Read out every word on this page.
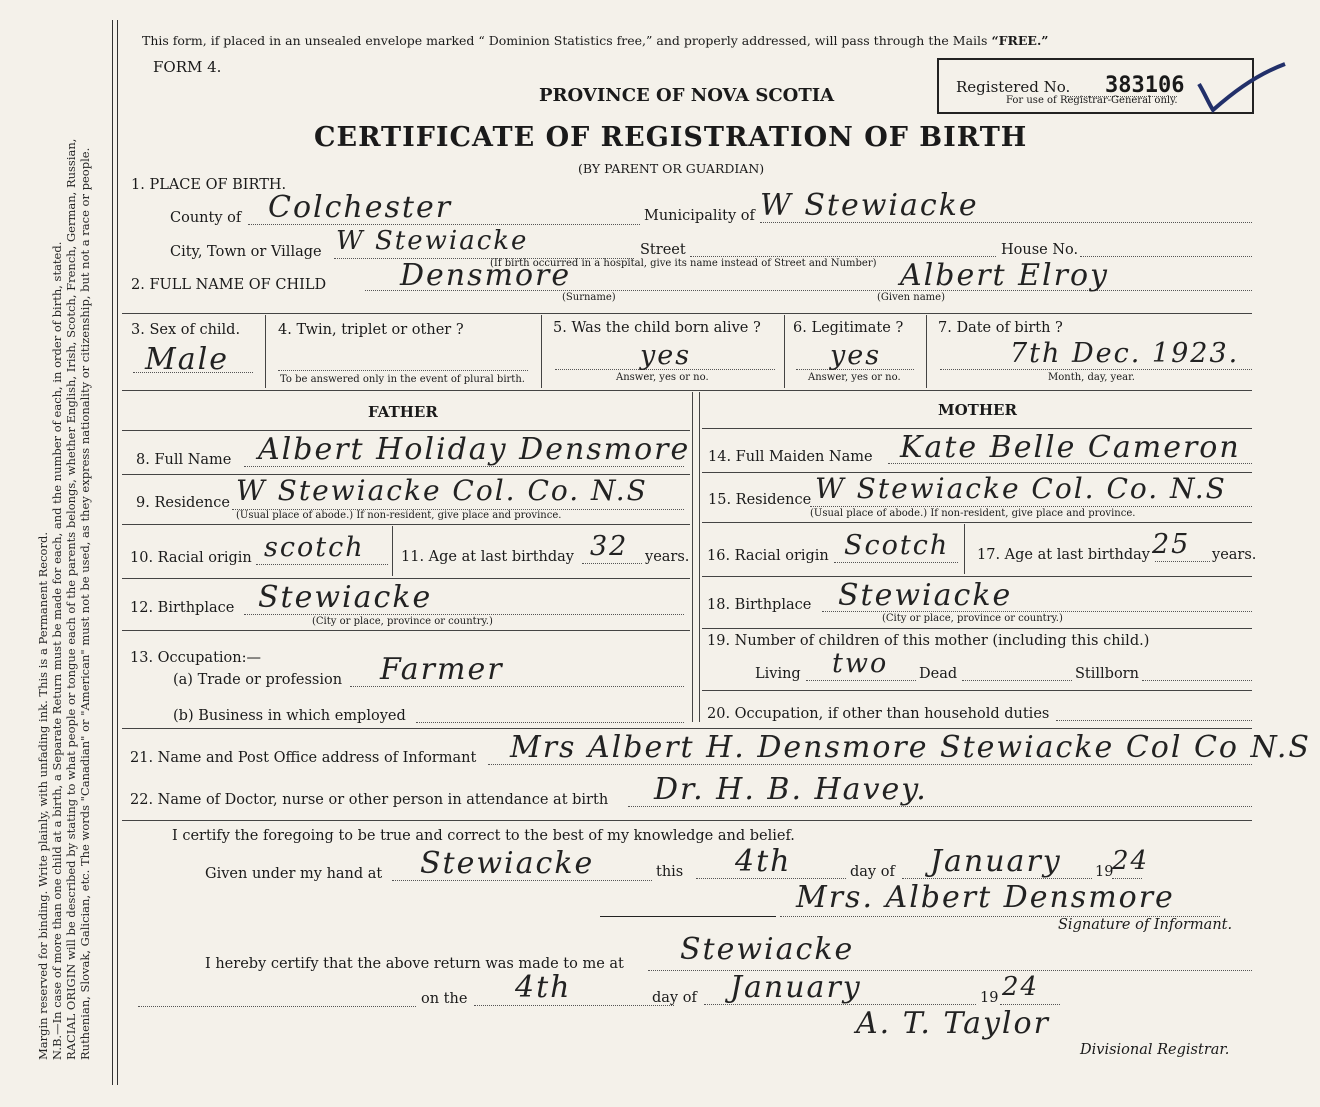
Margin reserved for binding. Write plainly, with unfading ink. This is a Permanent Record. N.B.—In case of more than one child at a birth, a Separate Return must be made for each, and the number of each, in order of birth, stated. RACIAL ORIGIN will be described by stating to what people or tongue each of the parents belongs, whether English, Irish, Scotch, French, German, Russian, Ruthenian, Slovak, Galician, etc. The words "Canadian" or "American" must not be used, as they express nationality or citizenship, but not a race or people.

This form, if placed in an unsealed envelope marked “ Dominion Statistics free,” and properly addressed, will pass through the Mails “FREE.”
FORM 4.
PROVINCE OF NOVA SCOTIA	Registered No. 383106
For use of Registrar-General only.
CERTIFICATE OF REGISTRATION OF BIRTH
(BY PARENT OR GUARDIAN)
1. PLACE OF BIRTH.
County of Colchester	Municipality of W Stewiacke
City, Town or Village W Stewiacke	Street	House No.
(If birth occurred in a hospital, give its name instead of Street and Number)
2. FULL NAME OF CHILD Densmore	Albert Elroy
(Surname)	(Given name)
3. Sex of child.
Male
4. Twin, triplet or other ?
To be answered only in the event of plural birth.
5. Was the child born alive ?
yes
Answer, yes or no.
6. Legitimate ?
yes
Answer, yes or no.
7. Date of birth ?
7th Dec. 1923.
Month, day, year.
FATHER	MOTHER
8. Full Name Albert Holiday Densmore 14. Full Maiden Name Kate Belle Cameron
9. Residence W Stewiacke Col. Co. N.S
(Usual place of abode.) If non-resident, give place and province.
15. Residence W Stewiacke Col. Co. N.S
(Usual place of abode.) If non-resident, give place and province.
10. Racial origin scotch	11. Age at last birthday 32 years. 16. Racial origin Scotch 17. Age at last birthday 25 years.
12. Birthplace Stewiacke
(City or place, province or country.)
18. Birthplace Stewiacke
(City or place, province or country.)
13. Occupation:—
(a) Trade or profession Farmer
(b) Business in which employed
19. Number of children of this mother (including this child.)
Living two Dead	Stillborn
20. Occupation, if other than household duties
21. Name and Post Office address of Informant Mrs Albert H. Densmore Stewiacke Col Co N.S
22. Name of Doctor, nurse or other person in attendance at birth Dr. H. B. Havey.
I certify the foregoing to be true and correct to the best of my knowledge and belief.
Given under my hand at Stewiacke	this 4th	day of January 19
24
Mrs. Albert Densmore
Signature of Informant.
I hereby certify that the above return was made to me at Stewiacke
on the 4th	day of January	19 24
A. T. Taylor
Divisional Registrar.
